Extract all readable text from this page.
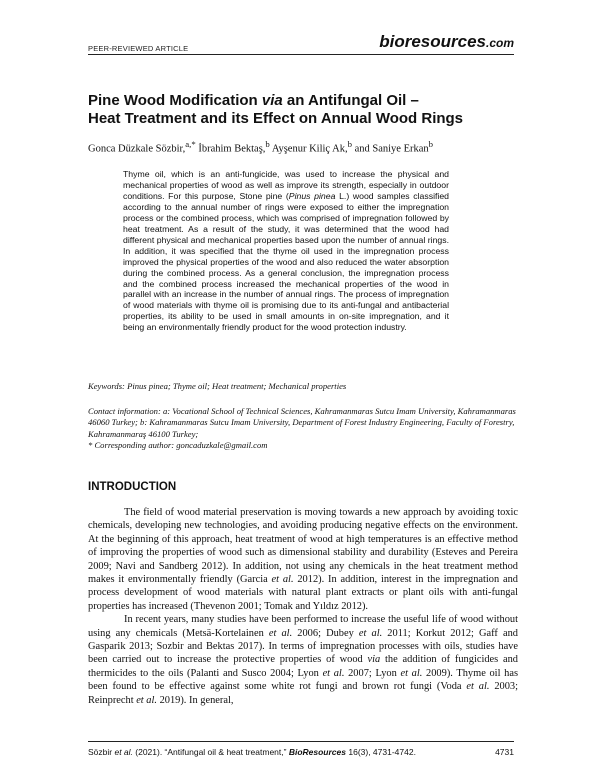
PEER-REVIEWED ARTICLE	bioresources.com
Pine Wood Modification via an Antifungal Oil –
Heat Treatment and its Effect on Annual Wood Rings
Gonca Düzkale Sözbir,$^{a,*}$ İbrahim Bektaş,$^b$ Ayşenur Kiliç Ak,$^b$ and Saniye Erkan$^b$
Thyme oil, which is an anti-fungicide, was used to increase the physical and mechanical properties of wood as well as improve its strength, especially in outdoor conditions. For this purpose, Stone pine (Pinus pinea L.) wood samples classified according to the annual number of rings were exposed to either the impregnation process or the combined process, which was comprised of impregnation followed by heat treatment. As a result of the study, it was determined that the wood had different physical and mechanical properties based upon the number of annual rings. In addition, it was specified that the thyme oil used in the impregnation process improved the physical properties of the wood and also reduced the water absorption during the combined process. As a general conclusion, the impregnation process and the combined process increased the mechanical properties of the wood in parallel with an increase in the number of annual rings. The process of impregnation of wood materials with thyme oil is promising due to its anti-fungal and antibacterial properties, its ability to be used in small amounts in on-site impregnation, and it being an environmentally friendly product for the wood protection industry.
Keywords: Pinus pinea; Thyme oil; Heat treatment; Mechanical properties

Contact information: a: Vocational School of Technical Sciences, Kahramanmaras Sutcu Imam University, Kahramanmaras 46060 Turkey; b: Kahramanmaras Sutcu Imam University, Department of Forest Industry Engineering, Faculty of Forestry, Kahramanmaraş 46100 Turkey;

* Corresponding author: goncaduzkale@gmail.com

INTRODUCTION

The field of wood material preservation is moving towards a new approach by avoiding toxic chemicals, developing new technologies, and avoiding producing negative effects on the environment. At the beginning of this approach, heat treatment of wood at high temperatures is an effective method of improving the properties of wood such as dimensional stability and durability (Esteves and Pereira 2009; Navi and Sandberg 2012). In addition, not using any chemicals in the heat treatment method makes it environmentally friendly (Garcia et al. 2012). In addition, interest in the impregnation and process development of wood materials with natural plant extracts or plant oils with anti-fungal properties has increased (Thevenon 2001; Tomak and Yıldız 2012).

In recent years, many studies have been performed to increase the useful life of wood without using any chemicals (Metsä-Kortelainen et al. 2006; Dubey et al. 2011; Korkut 2012; Gaff and Gasparik 2013; Sozbir and Bektas 2017). In terms of impregnation processes with oils, studies have been carried out to increase the protective properties of wood via the addition of fungicides and thermicides to the oils (Palanti and Susco 2004; Lyon et al. 2007; Lyon et al. 2009). Thyme oil has been found to be effective against some white rot fungi and brown rot fungi (Voda et al. 2003; Reinprecht et al. 2019). In general,

Sözbir et al. (2021). “Antifungal oil & heat treatment,” BioResources 16(3), 4731-4742.	4731
